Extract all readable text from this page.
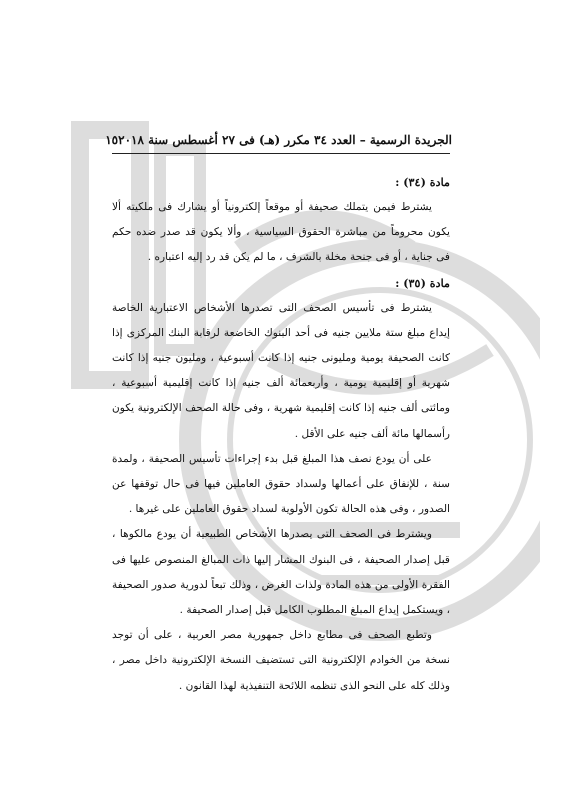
الجريدة الرسمية – العدد ٣٤ مكرر (هـ) فى ٢٧ أغسطس سنة ٢٠١٨
١٥

مادة (٣٤) :

يشترط فيمن يتملك صحيفة أو موقعاً إلكترونياً أو يشارك فى ملكيته ألا يكون محروماً من مباشرة الحقوق السياسية ، وألا يكون قد صدر ضده حكم فى جناية ، أو فى جنحة مخلة بالشرف ، ما لم يكن قد رد إليه اعتباره .

مادة (٣٥) :

يشترط فى تأسيس الصحف التى تصدرها الأشخاص الاعتبارية الخاصة إيداع مبلغ ستة ملايين جنيه فى أحد البنوك الخاضعة لرقابة البنك المركزى إذا كانت الصحيفة يومية ومليونى جنيه إذا كانت أسبوعية ، ومليون جنيه إذا كانت شهرية أو إقليمية يومية ، وأربعمائة ألف جنيه إذا كانت إقليمية أسبوعية ، ومائتى ألف جنيه إذا كانت إقليمية شهرية ، وفى حالة الصحف الإلكترونية يكون رأسمالها مائة ألف جنيه على الأقل .

على أن يودع نصف هذا المبلغ قبل بدء إجراءات تأسيس الصحيفة ، ولمدة سنة ، للإنفاق على أعمالها ولسداد حقوق العاملين فيها فى حال توقفها عن الصدور ، وفى هذه الحالة تكون الأولوية لسداد حقوق العاملين على غيرها .

ويشترط فى الصحف التى يصدرها الأشخاص الطبيعية أن يودع مالكوها ، قبل إصدار الصحيفة ، فى البنوك المشار إليها ذات المبالغ المنصوص عليها فى الفقرة الأولى من هذه المادة ولذات الغرض ، وذلك تبعاً لدورية صدور الصحيفة ، ويستكمل إيداع المبلغ المطلوب الكامل قبل إصدار الصحيفة .

وتطبع الصحف فى مطابع داخل جمهورية مصر العربية ، على أن توجد نسخة من الخوادم الإلكترونية التى تستضيف النسخة الإلكترونية داخل مصر ، وذلك كله على النحو الذى تنظمه اللائحة التنفيذية لهذا القانون .
